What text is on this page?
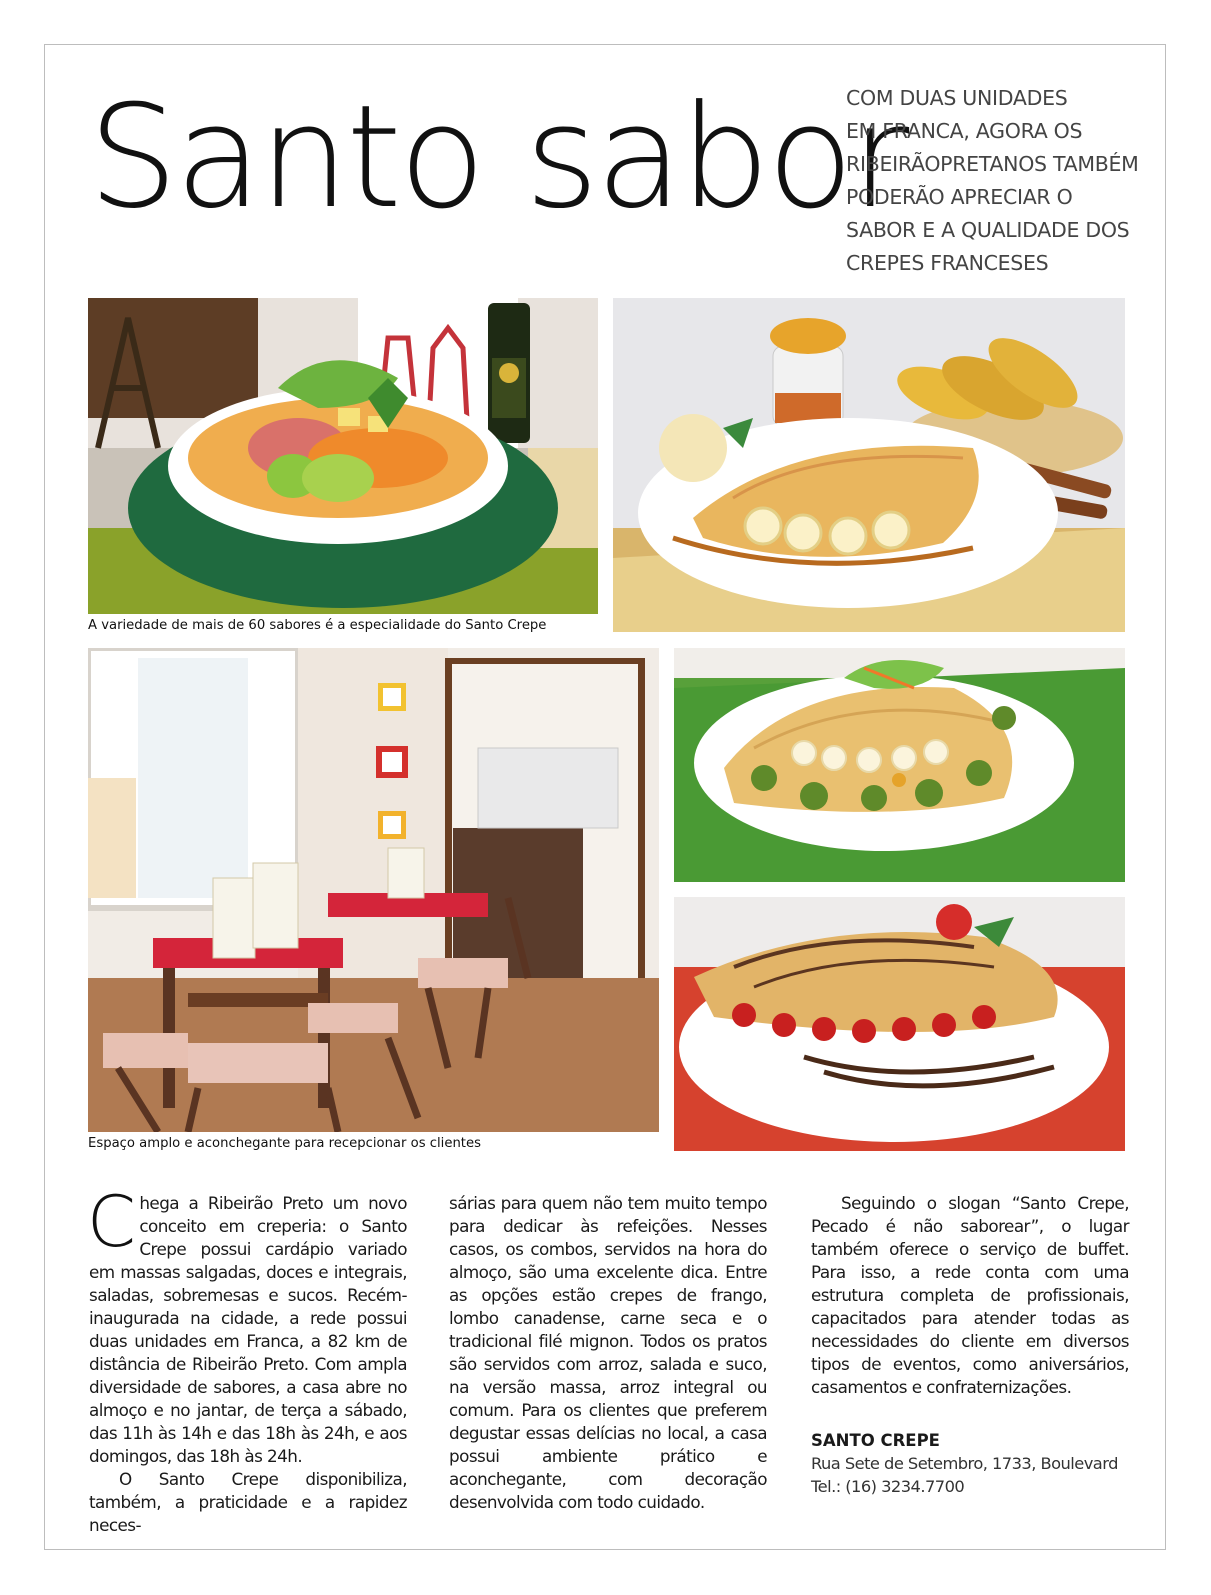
Santo sabor
COM DUAS UNIDADES
EM FRANCA, AGORA OS
RIBEIRÃOPRETANOS TAMBÉM
PODERÃO APRECIAR O
SABOR E A QUALIDADE DOS
CREPES FRANCESES
A variedade de mais de 60 sabores é a especialidade do Santo Crepe
Espaço amplo e aconchegante para recepcionar os clientes

Chega a Ribeirão Preto um novo conceito em creperia: o Santo Crepe possui cardápio variado em massas salgadas, doces e integrais, saladas, sobremesas e sucos. Recém-inaugurada na cidade, a rede possui duas unidades em Franca, a 82 km de distância de Ribeirão Preto. Com ampla diversidade de sabores, a casa abre no almoço e no jantar, de terça a sábado, das 11h às 14h e das 18h às 24h, e aos domingos, das 18h às 24h.

O Santo Crepe disponibiliza, também, a praticidade e a rapidez neces-

sárias para quem não tem muito tempo para dedicar às refeições. Nesses casos, os combos, servidos na hora do almoço, são uma excelente dica. Entre as opções estão crepes de frango, lombo canadense, carne seca e o tradicional filé mignon. Todos os pratos são servidos com arroz, salada e suco, na versão massa, arroz integral ou comum. Para os clientes que preferem degustar essas delícias no local, a casa possui ambiente prático e aconchegante, com decoração desenvolvida com todo cuidado.

Seguindo o slogan “Santo Crepe, Pecado é não saborear”, o lugar também oferece o serviço de buffet. Para isso, a rede conta com uma estrutura completa de profissionais, capacitados para atender todas as necessidades do cliente em diversos tipos de eventos, como aniversários, casamentos e confraternizações.

SANTO CREPE
Rua Sete de Setembro, 1733, Boulevard
Tel.: (16) 3234.7700
